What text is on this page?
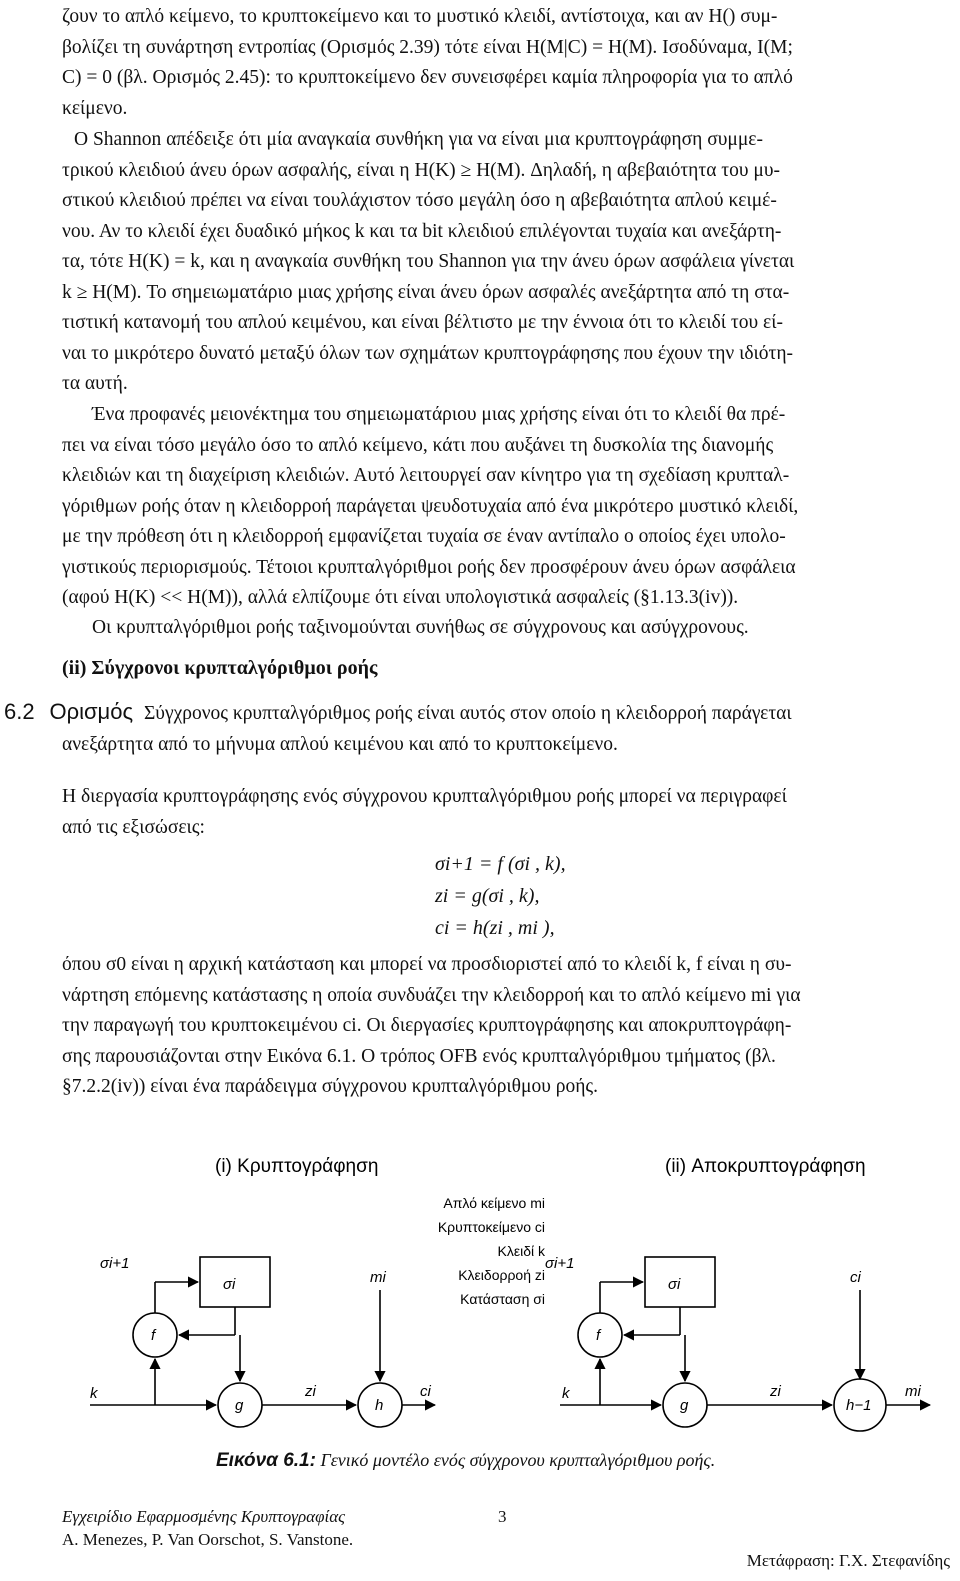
ζουν το απλό κείμενο, το κρυπτοκείμενο και το μυστικό κλειδί, αντίστοιχα, και αν H() συμ-
βολίζει τη συνάρτηση εντροπίας (Ορισμός 2.39) τότε είναι H(M|C) = H(M). Ισοδύναμα, I(M;
C) = 0 (βλ. Ορισμός 2.45): το κρυπτοκείμενο δεν συνεισφέρει καμία πληροφορία για το απλό
κείμενο.
Ο Shannon απέδειξε ότι μία αναγκαία συνθήκη για να είναι μια κρυπτογράφηση συμμε-
τρικού κλειδιού άνευ όρων ασφαλής, είναι η H(K) ≥ H(M). Δηλαδή, η αβεβαιότητα του μυ-
στικού κλειδιού πρέπει να είναι τουλάχιστον τόσο μεγάλη όσο η αβεβαιότητα απλού κειμέ-
νου. Αν το κλειδί έχει δυαδικό μήκος k και τα bit κλειδιού επιλέγονται τυχαία και ανεξάρτη-
τα, τότε H(K) = k, και η αναγκαία συνθήκη του Shannon για την άνευ όρων ασφάλεια γίνεται
k ≥ H(M). Το σημειωματάριο μιας χρήσης είναι άνευ όρων ασφαλές ανεξάρτητα από τη στα-
τιστική κατανομή του απλού κειμένου, και είναι βέλτιστο με την έννοια ότι το κλειδί του εί-
ναι το μικρότερο δυνατό μεταξύ όλων των σχημάτων κρυπτογράφησης που έχουν την ιδιότη-
τα αυτή.
Ένα προφανές μειονέκτημα του σημειωματάριου μιας χρήσης είναι ότι το κλειδί θα πρέ-
πει να είναι τόσο μεγάλο όσο το απλό κείμενο, κάτι που αυξάνει τη δυσκολία της διανομής
κλειδιών και τη διαχείριση κλειδιών. Αυτό λειτουργεί σαν κίνητρο για τη σχεδίαση κρυπταλ-
γόριθμων ροής όταν η κλειδορροή παράγεται ψευδοτυχαία από ένα μικρότερο μυστικό κλειδί,
με την πρόθεση ότι η κλειδορροή εμφανίζεται τυχαία σε έναν αντίπαλο ο οποίος έχει υπολο-
γιστικούς περιορισμούς. Τέτοιοι κρυπταλγόριθμοι ροής δεν προσφέρουν άνευ όρων ασφάλεια
(αφού H(K) << H(M)), αλλά ελπίζουμε ότι είναι υπολογιστικά ασφαλείς (§1.13.3(iv)).
Οι κρυπταλγόριθμοι ροής ταξινομούνται συνήθως σε σύγχρονους και ασύγχρονους.
(ii) Σύγχρονοι κρυπταλγόριθμοι ροής
6.2 Ορισμός Σύγχρονος κρυπταλγόριθμος ροής είναι αυτός στον οποίο η κλειδορροή παράγεται
ανεξάρτητα από το μήνυμα απλού κειμένου και από το κρυπτοκείμενο.
Η διεργασία κρυπτογράφησης ενός σύγχρονου κρυπταλγόριθμου ροής μπορεί να περιγραφεί
από τις εξισώσεις:
σi+1 = f (σi , k),
zi = g(σi , k),
ci = h(zi , mi ),
όπου σ0 είναι η αρχική κατάσταση και μπορεί να προσδιοριστεί από το κλειδί k, f είναι η συ-
νάρτηση επόμενης κατάστασης η οποία συνδυάζει την κλειδορροή και το απλό κείμενο mi για
την παραγωγή του κρυπτοκειμένου ci. Οι διεργασίες κρυπτογράφησης και αποκρυπτογράφη-
σης παρουσιάζονται στην Εικόνα 6.1. Ο τρόπος OFB ενός κρυπταλγόριθμου τμήματος (βλ.
§7.2.2(iv)) είναι ένα παράδειγμα σύγχρονου κρυπταλγόριθμου ροής.
(i) Κρυπτογράφηση	(ii) Αποκρυπτογράφηση
Απλό κείμενο mi
Κρυπτοκείμενο ci
Κλειδί k
Κλειδορροή zi
Κατάσταση σi
σi+1
σi
f
g	h
k	zi
mi
ci
σi+1
σi
f
g	h−1
k	zi
ci
mi
Εικόνα 6.1: Γενικό μοντέλο ενός σύγχρονου κρυπταλγόριθμου ροής.
Εγχειρίδιο Εφαρμοσμένης Κρυπτογραφίας	3
A. Menezes, P. Van Oorschot, S. Vanstone.
Μετάφραση: Γ.Χ. Στεφανίδης
